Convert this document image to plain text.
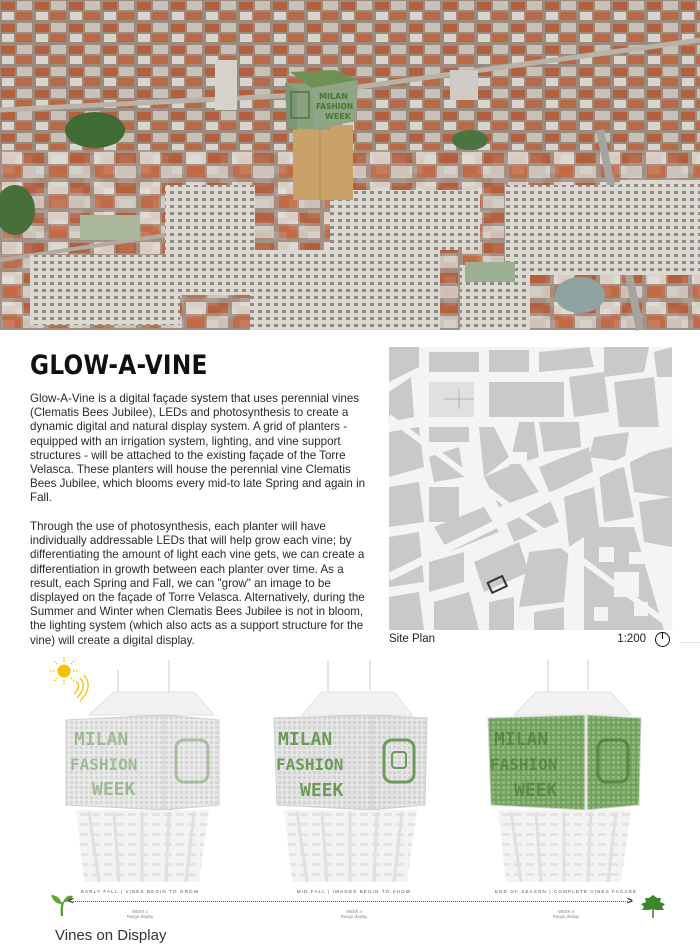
MILAN
FASHION
WEEK
GLOW-A-VINE

Glow-A-Vine is a digital façade system that uses perennial vines (Clematis Bees Jubilee), LEDs and photosynthesis to create a dynamic digital and natural display system. A grid of planters - equipped with an irrigation system, lighting, and vine support structures - will be attached to the existing façade of the Torre Velasca. These planters will house the perennial vine Clematis Bees Jubilee, which blooms every mid-to late Spring and again in Fall.

Through the use of photosynthesis, each planter will have individually addressable LEDs that will help grow each vine; by differentiating the amount of light each vine gets, we can create a differentiation in growth between each planter over time. As a result, each Spring and Fall, we can "grow" an image to be displayed on the façade of Torre Velasca. Alternatively, during the Summer and Winter when Clematis Bees Jubilee is not in bloom, the lighting system (which also acts as a support structure for the vine) will create a digital display.	Site Plan	1:200
MILAN
FASHION
WEEK
MILAN
FASHION
WEEK
MILAN
FASHION
WEEK
<	>
EARLY FALL | VINES BEGIN TO GROW
WEEK 1
Range display
MID FALL | IMAGES BEGIN TO SHOW
WEEK 4
Range display
END OF SEASON | COMPLETE VINES FACADE
WEEK 8
Range display
Vines on Display
